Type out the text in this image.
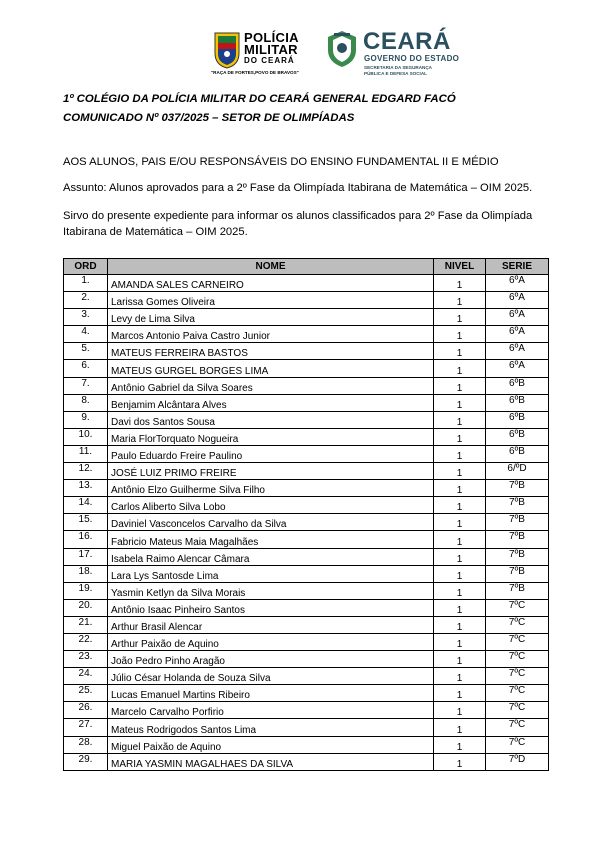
POLÍCIA
MILITAR
DO CEARÁ
"RAÇA DE FORTES,POVO DE BRAVOS"
CEARÁ
GOVERNO DO ESTADO
SECRETARIA DA SEGURANÇA
PÚBLICA E DEFESA SOCIAL
1º COLÉGIO DA POLÍCIA MILITAR DO CEARÁ GENERAL EDGARD FACÓ
COMUNICADO Nº 037/2025 – SETOR DE OLIMPÍADAS
AOS ALUNOS, PAIS E/OU RESPONSÁVEIS DO ENSINO FUNDAMENTAL II E MÉDIO
Assunto: Alunos aprovados para a 2º Fase da Olimpíada Itabirana de Matemática – OIM 2025.
Sirvo do presente expediente para informar os alunos classificados para 2º Fase da Olimpíada
Itabirana de Matemática – OIM 2025.
ORD	NOME	NIVEL	SERIE
1.	AMANDA SALES CARNEIRO	1	6ºA
2.	Larissa Gomes Oliveira	1	6ºA
3.	Levy de Lima Silva	1	6ºA
4.	Marcos Antonio Paiva Castro Junior	1	6ºA
5.	MATEUS FERREIRA BASTOS	1	6ºA
6.	MATEUS GURGEL BORGES LIMA	1	6ºA
7.	Antônio Gabriel da Silva Soares	1	6ºB
8.	Benjamim Alcântara Alves	1	6ºB
9.	Davi dos Santos Sousa	1	6ºB
10.	Maria FlorTorquato Nogueira	1	6ºB
11.	Paulo Eduardo Freire Paulino	1	6ºB
12.	JOSÉ LUIZ PRIMO FREIRE	1	6/ºD
13.	Antônio Elzo Guilherme Silva Filho	1	7ºB
14.	Carlos Aliberto Silva Lobo	1	7ºB
15.	Daviniel Vasconcelos Carvalho da Silva	1	7ºB
16.	Fabricio Mateus Maia Magalhães	1	7ºB
17.	Isabela Raimo Alencar Câmara	1	7ºB
18.	Lara Lys Santosde Lima	1	7ºB
19.	Yasmin Ketlyn da Silva Morais	1	7ºB
20.	Antônio Isaac Pinheiro Santos	1	7ºC
21.	Arthur Brasil Alencar	1	7ºC
22.	Arthur Paixão de Aquino	1	7ºC
23.	João Pedro Pinho Aragão	1	7ºC
24.	Júlio César Holanda de Souza Silva	1	7ºC
25.	Lucas Emanuel Martins Ribeiro	1	7ºC
26.	Marcelo Carvalho Porfirio	1	7ºC
27.	Mateus Rodrigodos Santos Lima	1	7ºC
28.	Miguel Paixão de Aquino	1	7ºC
29.	MARIA YASMIN MAGALHAES DA SILVA	1	7ºD
